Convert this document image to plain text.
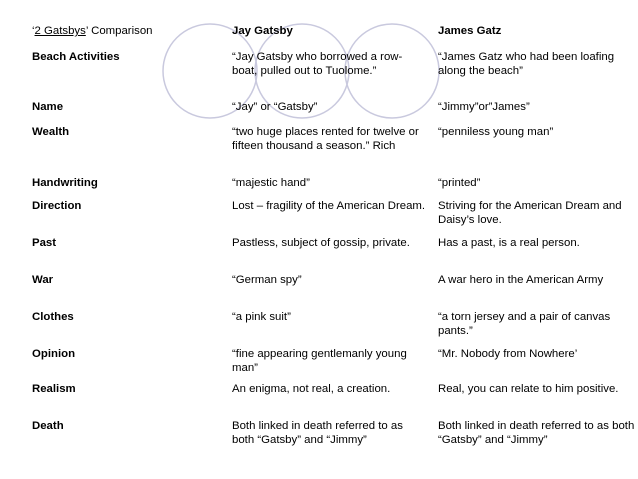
‘2 Gatsbys’ Comparison	Jay Gatsby	James Gatz
Beach Activities	“Jay Gatsby who borrowed a row-boat, pulled out to Tuolome.”	“James Gatz who had been loafing along the beach”
Name	“Jay” or “Gatsby”	“Jimmy”or”James”
Wealth	“two huge places rented for twelve or fifteen thousand a season.” Rich	“penniless young man”
Handwriting	“majestic hand”	“printed”
Direction	Lost – fragility of the American Dream.	Striving for the American Dream and Daisy’s love.
Past	Pastless, subject of gossip, private.	Has a past, is a real person.
War	“German spy”	A war hero in the American Army
Clothes	“a pink suit”	“a torn jersey and a pair of canvas pants.”
Opinion	“fine appearing gentlemanly young man”	“Mr. Nobody from Nowhere’
Realism	An enigma, not real, a creation.	Real, you can relate to him positive.
Death	Both linked in death referred to as both “Gatsby” and “Jimmy”	Both linked in death referred to as both “Gatsby” and “Jimmy”
